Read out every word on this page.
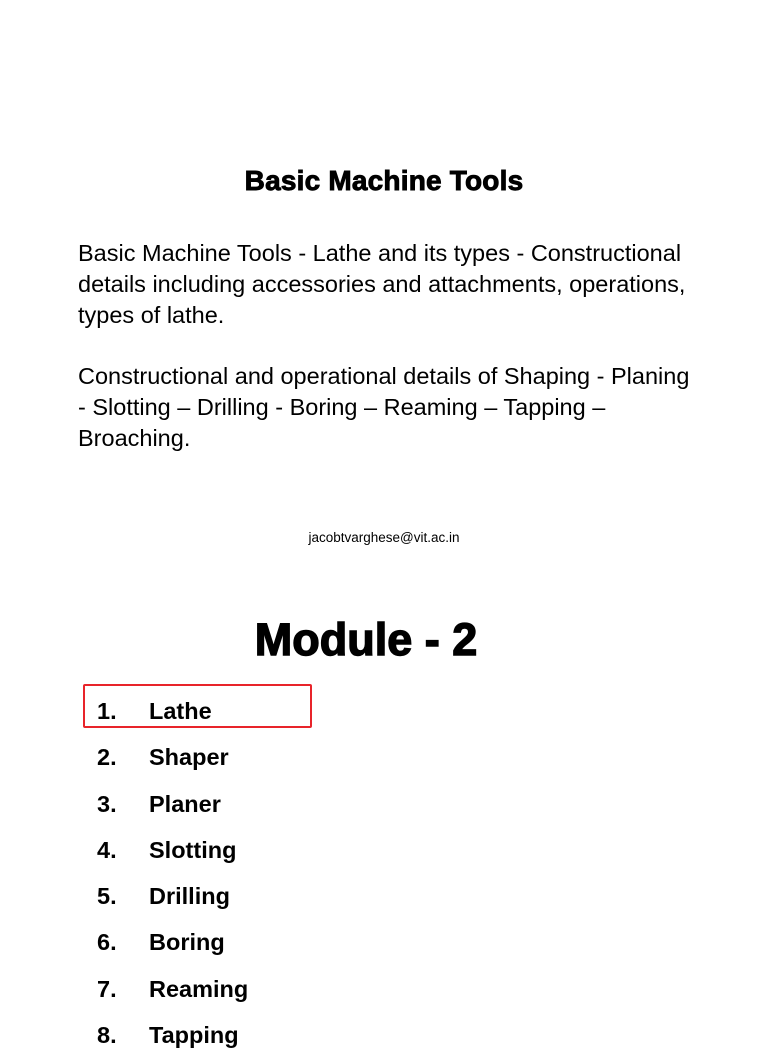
Basic Machine Tools

Basic Machine Tools - Lathe and its types - Constructional details including accessories and attachments, operations, types of lathe.

Constructional and operational details of Shaping - Planing - Slotting – Drilling - Boring – Reaming – Tapping – Broaching.

jacobtvarghese@vit.ac.in

Module - 2
1. Lathe
2. Shaper
3. Planer
4. Slotting
5. Drilling
6. Boring
7. Reaming
8. Tapping
